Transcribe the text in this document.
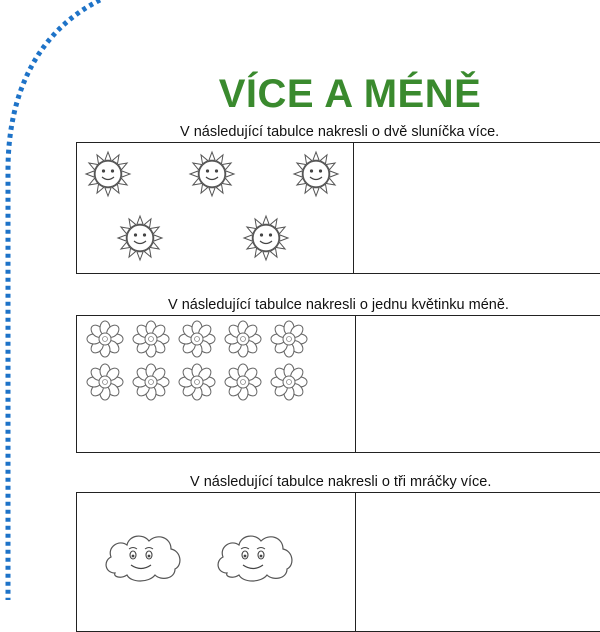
VÍCE A MÉNĚ
V následující tabulce nakresli o dvě sluníčka více.
V následující tabulce nakresli o jednu květinku méně.
V následující tabulce nakresli o tři mráčky více.
